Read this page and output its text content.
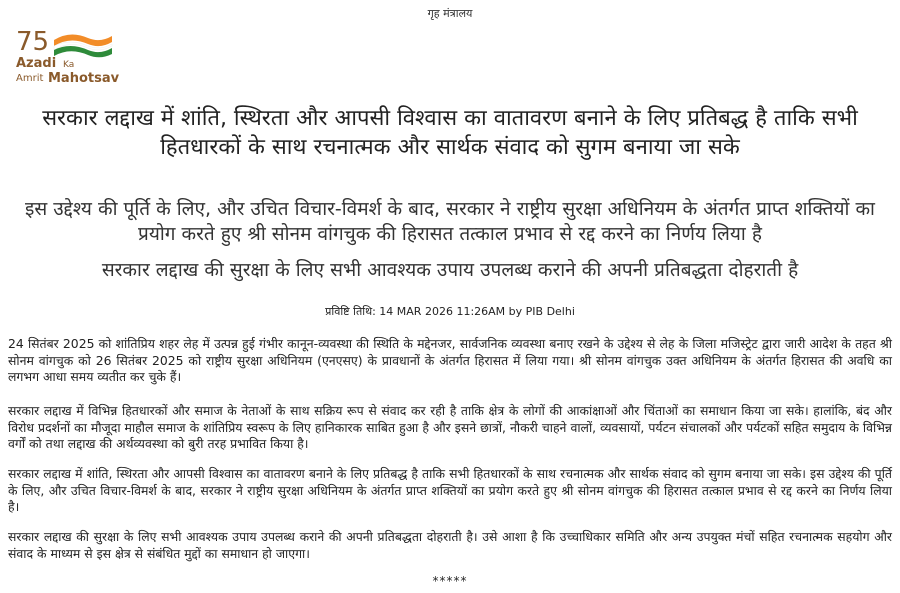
गृह मंत्रालय
75
Azadi Ka
Amrit Mahotsav
सरकार लद्दाख में शांति, स्थिरता और आपसी विश्वास का वातावरण बनाने के लिए प्रतिबद्ध है ताकि सभी हितधारकों के साथ रचनात्मक और सार्थक संवाद को सुगम बनाया जा सके
इस उद्देश्य की पूर्ति के लिए, और उचित विचार-विमर्श के बाद, सरकार ने राष्ट्रीय सुरक्षा अधिनियम के अंतर्गत प्राप्त शक्तियों का प्रयोग करते हुए श्री सोनम वांगचुक की हिरासत तत्काल प्रभाव से रद्द करने का निर्णय लिया है
सरकार लद्दाख की सुरक्षा के लिए सभी आवश्यक उपाय उपलब्ध कराने की अपनी प्रतिबद्धता दोहराती है
प्रविष्टि तिथि: 14 MAR 2026 11:26AM by PIB Delhi

24 सितंबर 2025 को शांतिप्रिय शहर लेह में उत्पन्न हुई गंभीर कानून-व्यवस्था की स्थिति के मद्देनजर, सार्वजनिक व्यवस्था बनाए रखने के उद्देश्य से लेह के जिला मजिस्ट्रेट द्वारा जारी आदेश के तहत श्री सोनम वांगचुक को 26 सितंबर 2025 को राष्ट्रीय सुरक्षा अधिनियम (एनएसए) के प्रावधानों के अंतर्गत हिरासत में लिया गया। श्री सोनम वांगचुक उक्त अधिनियम के अंतर्गत हिरासत की अवधि का लगभग आधा समय व्यतीत कर चुके हैं।

सरकार लद्दाख में विभिन्न हितधारकों और समाज के नेताओं के साथ सक्रिय रूप से संवाद कर रही है ताकि क्षेत्र के लोगों की आकांक्षाओं और चिंताओं का समाधान किया जा सके। हालांकि, बंद और विरोध प्रदर्शनों का मौजूदा माहौल समाज के शांतिप्रिय स्वरूप के लिए हानिकारक साबित हुआ है और इसने छात्रों, नौकरी चाहने वालों, व्यवसायों, पर्यटन संचालकों और पर्यटकों सहित समुदाय के विभिन्न वर्गों को तथा लद्दाख की अर्थव्यवस्था को बुरी तरह प्रभावित किया है।

सरकार लद्दाख में शांति, स्थिरता और आपसी विश्वास का वातावरण बनाने के लिए प्रतिबद्ध है ताकि सभी हितधारकों के साथ रचनात्मक और सार्थक संवाद को सुगम बनाया जा सके। इस उद्देश्य की पूर्ति के लिए, और उचित विचार-विमर्श के बाद, सरकार ने राष्ट्रीय सुरक्षा अधिनियम के अंतर्गत प्राप्त शक्तियों का प्रयोग करते हुए श्री सोनम वांगचुक की हिरासत तत्काल प्रभाव से रद्द करने का निर्णय लिया है।

सरकार लद्दाख की सुरक्षा के लिए सभी आवश्यक उपाय उपलब्ध कराने की अपनी प्रतिबद्धता दोहराती है। उसे आशा है कि उच्चाधिकार समिति और अन्य उपयुक्त मंचों सहित रचनात्मक सहयोग और संवाद के माध्यम से इस क्षेत्र से संबंधित मुद्दों का समाधान हो जाएगा।

*****
